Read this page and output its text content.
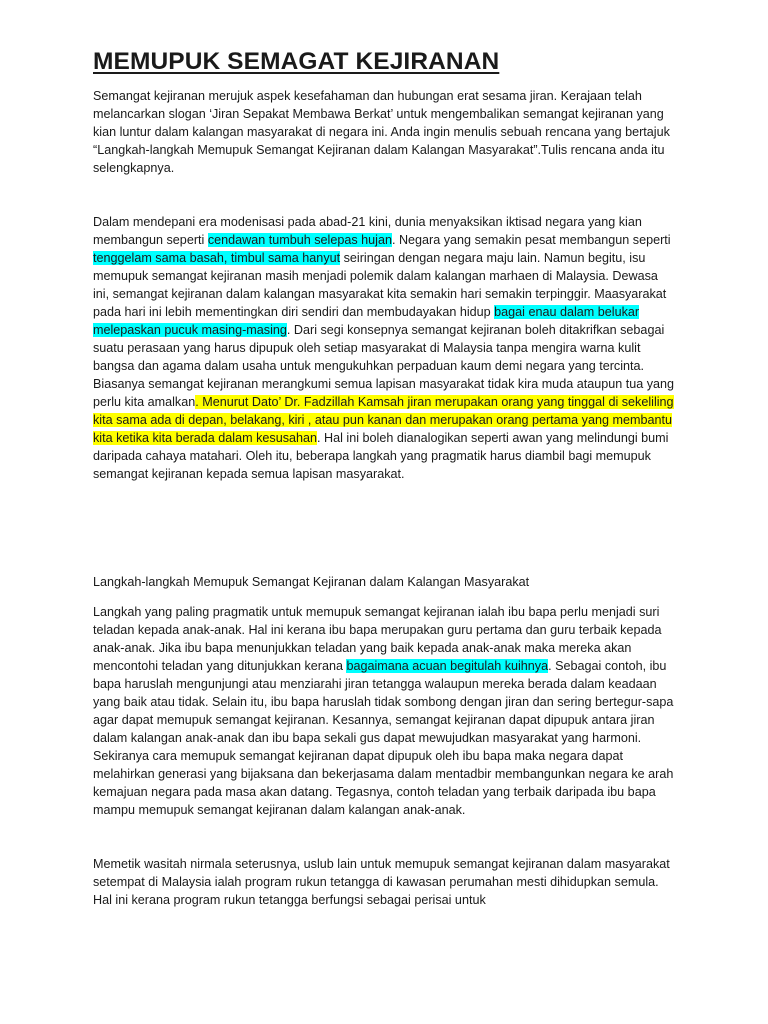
MEMUPUK SEMAGAT KEJIRANAN

Semangat kejiranan merujuk aspek kesefahaman dan hubungan erat sesama jiran. Kerajaan telah melancarkan slogan ‘Jiran Sepakat Membawa Berkat’ untuk mengembalikan semangat kejiranan yang kian luntur dalam kalangan masyarakat di negara ini. Anda ingin menulis sebuah rencana yang bertajuk “Langkah-langkah Memupuk Semangat Kejiranan dalam Kalangan Masyarakat”.Tulis rencana anda itu selengkapnya.

Dalam mendepani era modenisasi pada abad-21 kini, dunia menyaksikan iktisad negara yang kian membangun seperti cendawan tumbuh selepas hujan. Negara yang semakin pesat membangun seperti tenggelam sama basah, timbul sama hanyut seiringan dengan negara maju lain. Namun begitu, isu memupuk semangat kejiranan masih menjadi polemik dalam kalangan marhaen di Malaysia. Dewasa ini, semangat kejiranan dalam kalangan masyarakat kita semakin hari semakin terpinggir. Maasyarakat pada hari ini lebih mementingkan diri sendiri dan membudayakan hidup bagai enau dalam belukar melepaskan pucuk masing-masing. Dari segi konsepnya semangat kejiranan boleh ditakrifkan sebagai suatu perasaan yang harus dipupuk oleh setiap masyarakat di Malaysia tanpa mengira warna kulit bangsa dan agama dalam usaha untuk mengukuhkan perpaduan kaum demi negara yang tercinta. Biasanya semangat kejiranan merangkumi semua lapisan masyarakat tidak kira muda ataupun tua yang perlu kita amalkan. Menurut Dato’ Dr. Fadzillah Kamsah jiran merupakan orang yang tinggal di sekeliling kita sama ada di depan, belakang, kiri , atau pun kanan dan merupakan orang pertama yang membantu kita ketika kita berada dalam kesusahan. Hal ini boleh dianalogikan seperti awan yang melindungi bumi daripada cahaya matahari. Oleh itu, beberapa langkah yang pragmatik harus diambil bagi memupuk semangat kejiranan kepada semua lapisan masyarakat.

Langkah-langkah Memupuk Semangat Kejiranan dalam Kalangan Masyarakat

Langkah yang paling pragmatik untuk memupuk semangat kejiranan ialah ibu bapa perlu menjadi suri teladan kepada anak-anak. Hal ini kerana ibu bapa merupakan guru pertama dan guru terbaik kepada anak-anak. Jika ibu bapa menunjukkan teladan yang baik kepada anak-anak maka mereka akan mencontohi teladan yang ditunjukkan kerana bagaimana acuan begitulah kuihnya. Sebagai contoh, ibu bapa haruslah mengunjungi atau menziarahi jiran tetangga walaupun mereka berada dalam keadaan yang baik atau tidak. Selain itu, ibu bapa haruslah tidak sombong dengan jiran dan sering bertegur-sapa agar dapat memupuk semangat kejiranan. Kesannya, semangat kejiranan dapat dipupuk antara jiran dalam kalangan anak-anak dan ibu bapa sekali gus dapat mewujudkan masyarakat yang harmoni. Sekiranya cara memupuk semangat kejiranan dapat dipupuk oleh ibu bapa maka negara dapat melahirkan generasi yang bijaksana dan bekerjasama dalam mentadbir membangunkan negara ke arah kemajuan negara pada masa akan datang. Tegasnya, contoh teladan yang terbaik daripada ibu bapa mampu memupuk semangat kejiranan dalam kalangan anak-anak.

Memetik wasitah nirmala seterusnya, uslub lain untuk memupuk semangat kejiranan dalam masyarakat setempat di Malaysia ialah program rukun tetangga di kawasan perumahan mesti dihidupkan semula. Hal ini kerana program rukun tetangga berfungsi sebagai perisai untuk
